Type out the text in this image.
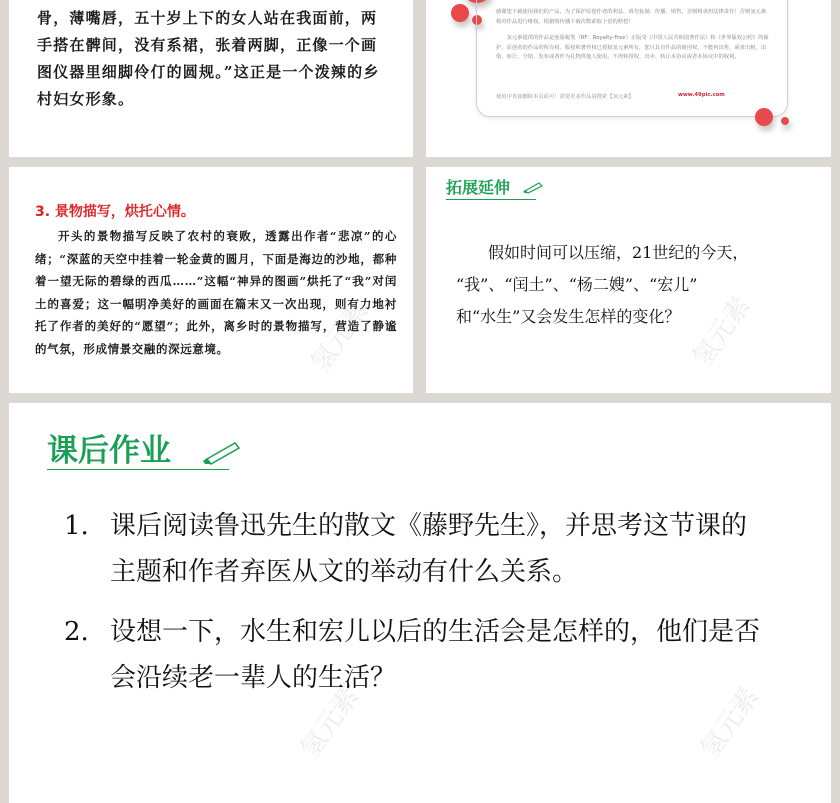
骨，薄嘴唇，五十岁上下的女人站在我面前，两手搭在髀间，没有系裙，张着两脚，正像一个画图仪器里细脚伶仃的圆规。”这正是一个泼辣的乡村妇女形象。

感谢您下载使用我们的产品，为了保护原创作者的利益，请勿复制、传播、销售，否则将承担法律责任！否则氢元素将对作品进行维权，根据购传播下载次数索取十倍的赔偿！

氢元素提供的作品是免版税类（RF：Royalty-Free）正版受《中国人民共和国著作法》和《世界版权公约》的保护，原创者的作品的所有权、版权和著作权已授权氢元素所有，您只具有作品的使用权，不能再出售，或者出租、出借、转让、分销、发布或者作为礼物供他人使用，不得转授权、出卖、转让本协议或者本协议中的权利。

使用中直接删除本页面可！需要更多作品请搜索【氢元素】	www.49pic.com
3. 景物描写，烘托心情。
开头的景物描写反映了农村的衰败，透露出作者“悲凉”的心绪；“深蓝的天空中挂着一轮金黄的圆月，下面是海边的沙地，都种着一望无际的碧绿的西瓜……”这幅“神异的图画”烘托了“我”对闰土的喜爱；这一幅明净美好的画面在篇末又一次出现，则有力地衬托了作者的美好的“愿望”；此外，离乡时的景物描写，营造了静谧的气氛，形成情景交融的深远意境。	氢元素
拓展延伸
假如时间可以压缩，21世纪的今天，
“我”、“闰土”、“杨二嫂”、“宏儿”
和“水生”又会发生怎样的变化？ 氢元素
课后作业
1. 课后阅读鲁迅先生的散文《藤野先生》，并思考这节课的主题和作者弃医从文的举动有什么关系。
2. 设想一下，水生和宏儿以后的生活会是怎样的，他们是否会沿续老一辈人的生活？
氢元素	氢元素
